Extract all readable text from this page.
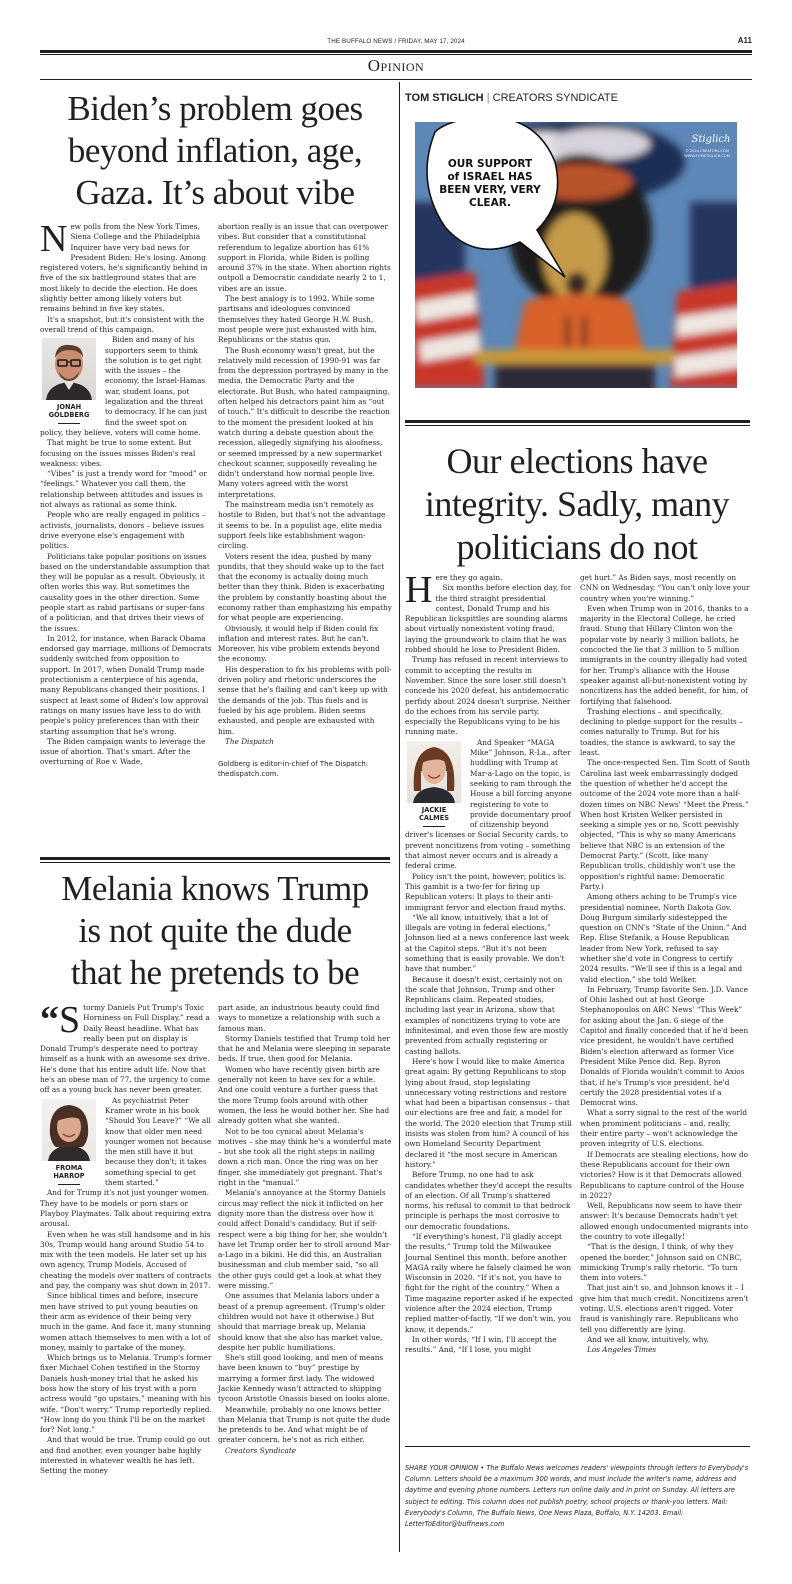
THE BUFFALO NEWS / FRIDAY, MAY 17, 2024	A11
Opinion
Biden’s problem goes
beyond inflation, age,
Gaza. It’s about vibe

New polls from the New York Times, Siena College and the Philadelphia Inquirer have very bad news for President Biden: He's losing. Among registered voters, he's significantly behind in five of the six battleground states that are most likely to decide the election. He does slightly better among likely voters but remains behind in five key states.

It's a snapshot, but it's consistent with the overall trend of this campaign.

JONAH
GOLDBERG

Biden and many of his supporters seem to think the solution is to get right with the issues – the economy, the Israel-Hamas war, student loans, pot legalization and the threat to democracy. If he can just find the sweet spot on policy, they believe, voters will come home.

That might be true to some extent. But focusing on the issues misses Biden's real weakness: vibes.

“Vibes” is just a trendy word for “mood” or “feelings.” Whatever you call them, the relationship between attitudes and issues is not always as rational as some think.

People who are really engaged in politics – activists, journalists, donors – believe issues drive everyone else's engagement with politics.

Politicians take popular positions on issues based on the understandable assumption that they will be popular as a result. Obviously, it often works this way. But sometimes the causality goes in the other direction. Some people start as rabid partisans or super-fans of a politician, and that drives their views of the issues.

In 2012, for instance, when Barack Obama endorsed gay marriage, millions of Democrats suddenly switched from opposition to support. In 2017, when Donald Trump made protectionism a centerpiece of his agenda, many Republicans changed their positions. I suspect at least some of Biden's low approval ratings on many issues have less to do with people's policy preferences than with their starting assumption that he's wrong.

The Biden campaign wants to leverage the issue of abortion. That's smart. After the overturning of Roe v. Wade,

abortion really is an issue that can overpower vibes. But consider that a constitutional referendum to legalize abortion has 61% support in Florida, while Biden is polling around 37% in the state. When abortion rights outpoll a Democratic candidate nearly 2 to 1, vibes are an issue.

The best analogy is to 1992. While some partisans and ideologues convinced themselves they hated George H.W. Bush, most people were just exhausted with him, Republicans or the status quo.

The Bush economy wasn't great, but the relatively mild recession of 1990-91 was far from the depression portrayed by many in the media, the Democratic Party and the electorate. But Bush, who hated campaigning, often helped his detractors paint him as “out of touch.” It's difficult to describe the reaction to the moment the president looked at his watch during a debate question about the recession, allegedly signifying his aloofness, or seemed impressed by a new supermarket checkout scanner, supposedly revealing he didn't understand how normal people live. Many voters agreed with the worst interpretations.

The mainstream media isn't remotely as hostile to Biden, but that's not the advantage it seems to be. In a populist age, elite media support feels like establishment wagon-circling.

Voters resent the idea, pushed by many pundits, that they should wake up to the fact that the economy is actually doing much better than they think. Biden is exacerbating the problem by constantly boasting about the economy rather than emphasizing his empathy for what people are experiencing.

Obviously, it would help if Biden could fix inflation and interest rates. But he can't. Moreover, his vibe problem extends beyond the economy.

His desperation to fix his problems with poll-driven policy and rhetoric underscores the sense that he's flailing and can't keep up with the demands of the job. This fuels and is fueled by his age problem. Biden seems exhausted, and people are exhausted with him.

The Dispatch

Goldberg is editor-in-chief of The Dispatch: thedispatch.com.
Melania knows Trump
is not quite the dude
that he pretends to be

“ S tormy Daniels Put Trump's Toxic Horniness on Full Display,” read a Daily Beast headline. What has really been put on display is Donald Trump's desperate need to portray himself as a hunk with an awesome sex drive. He's done that his entire adult life. Now that he's an obese man of 77, the urgency to come off as a young buck has never been greater.

FROMA
HARROP
As psychiatrist Peter Kramer wrote in his book “Should You Leave?” “We all know that older men need younger women not because the men still have it but because they don't; it takes something special to get them started.”

And for Trump it's not just younger women. They have to be models or porn stars or Playboy Playmates. Talk about requiring extra arousal.

Even when he was still handsome and in his 30s, Trump would hang around Studio 54 to mix with the teen models. He later set up his own agency, Trump Models. Accused of cheating the models over matters of contracts and pay, the company was shut down in 2017.

Since biblical times and before, insecure men have strived to put young beauties on their arm as evidence of their being very much in the game. And face it, many stunning women attach themselves to men with a lot of money, mainly to partake of the money.

Which brings us to Melania. Trump's former fixer Michael Cohen testified in the Stormy Daniels hush-money trial that he asked his boss how the story of his tryst with a porn actress would “go upstairs,” meaning with his wife. “Don't worry,” Trump reportedly replied. “How long do you think I'll be on the market for? Not long.”

And that would be true. Trump could go out and find another, even younger babe highly interested in whatever wealth he has left. Setting the money

part aside, an industrious beauty could find ways to monetize a relationship with such a famous man.

Stormy Daniels testified that Trump told her that he and Melania were sleeping in separate beds. If true, then good for Melania.

Women who have recently given birth are generally not keen to have sex for a while. And one could venture a further guess that the more Trump fools around with other women, the less he would bother her. She had already gotten what she wanted.

Not to be too cynical about Melania's motives – she may think he's a wonderful mate – but she took all the right steps in nailing down a rich man. Once the ring was on her finger, she immediately got pregnant. That's right in the “manual.”

Melania's annoyance at the Stormy Daniels circus may reflect the nick it inflicted on her dignity more than the distress over how it could affect Donald's candidacy. But if self-respect were a big thing for her, she wouldn't have let Trump order her to stroll around Mar-a-Lago in a bikini. He did this, an Australian businessman and club member said, “so all the other guys could get a look at what they were missing.”

One assumes that Melania labors under a beast of a prenup agreement. (Trump's older children would not have it otherwise.) But should that marriage break up, Melania should know that she also has market value, despite her public humiliations.

She's still good looking, and men of means have been known to “buy” prestige by marrying a former first lady. The widowed Jackie Kennedy wasn't attracted to shipping tycoon Aristotle Onassis based on looks alone.

Meanwhile, probably no one knows better than Melania that Trump is not quite the dude he pretends to be. And what might be of greater concern, he's not as rich either.

Creators Syndicate

TOM STIGLICH | CREATORS SYNDICATE
OUR SUPPORT
of ISRAEL HAS
BEEN VERY, VERY
CLEAR.
Stiglich
© 2024 CREATORS.COM
WWW.TOMSTIGLICH.COM
Our elections have
integrity. Sadly, many
politicians do not

Here they go again.

Six months before election day, for the third straight presidential contest, Donald Trump and his Republican lickspittles are sounding alarms about virtually nonexistent voting fraud, laying the groundwork to claim that he was robbed should he lose to President Biden.

Trump has refused in recent interviews to commit to accepting the results in November. Since the sore loser still doesn't concede his 2020 defeat, his antidemocratic perfidy about 2024 doesn't surprise. Neither do the echoes from his servile party, especially the Republicans vying to be his running mate.

JACKIE
CALMES
And Speaker “MAGA Mike” Johnson, R-La., after huddling with Trump at Mar-a-Lago on the topic, is seeking to ram through the House a bill forcing anyone registering to vote to provide documentary proof of citizenship beyond driver's licenses or Social Security cards, to prevent noncitizens from voting – something that almost never occurs and is already a federal crime.

Policy isn't the point, however; politics is. This gambit is a two-fer for firing up Republican voters: It plays to their anti-immigrant fervor and election fraud myths.

“We all know, intuitively, that a lot of illegals are voting in federal elections,” Johnson lied at a news conference last week at the Capitol steps. “But it's not been something that is easily provable. We don't have that number.”

Because it doesn't exist, certainly not on the scale that Johnson, Trump and other Republicans claim. Repeated studies, including last year in Arizona, show that examples of noncitizens trying to vote are infinitesimal, and even those few are mostly prevented from actually registering or casting ballots.

Here's how I would like to make America great again: By getting Republicans to stop lying about fraud, stop legislating unnecessary voting restrictions and restore what had been a bipartisan consensus – that our elections are free and fair, a model for the world. The 2020 election that Trump still insists was stolen from him? A council of his own Homeland Security Department declared it “the most secure in American history.”

Before Trump, no one had to ask candidates whether they'd accept the results of an election. Of all Trump's shattered norms, his refusal to commit to that bedrock principle is perhaps the most corrosive to our democratic foundations.

“If everything's honest, I'll gladly accept the results,” Trump told the Milwaukee Journal Sentinel this month, before another MAGA rally where he falsely claimed he won Wisconsin in 2020. “If it's not, you have to fight for the right of the country.” When a Time magazine reporter asked if he expected violence after the 2024 election, Trump replied matter-of-factly, “If we don't win, you know, it depends.”

In other words, “If I win, I'll accept the results.” And, “If I lose, you might

get hurt.” As Biden says, most recently on CNN on Wednesday, “You can't only love your country when you're winning.”

Even when Trump won in 2016, thanks to a majority in the Electoral College, he cried fraud. Stung that Hillary Clinton won the popular vote by nearly 3 million ballots, he concocted the lie that 3 million to 5 million immigrants in the country illegally had voted for her. Trump's alliance with the House speaker against all-but-nonexistent voting by noncitizens has the added benefit, for him, of fortifying that falsehood.

Trashing elections – and specifically, declining to pledge support for the results – comes naturally to Trump. But for his toadies, the stance is awkward, to say the least.

The once-respected Sen. Tim Scott of South Carolina last week embarrassingly dodged the question of whether he'd accept the outcome of the 2024 vote more than a half-dozen times on NBC News' “Meet the Press.” When host Kristen Welker persisted in seeking a simple yes or no, Scott peevishly objected, “This is why so many Americans believe that NBC is an extension of the Democrat Party.” (Scott, like many Republican trolls, childishly won't use the opposition's rightful name: Democratic Party.)

Among others aching to be Trump's vice presidential nominee, North Dakota Gov. Doug Burgum similarly sidestepped the question on CNN's “State of the Union.” And Rep. Elise Stefanik, a House Republican leader from New York, refused to say whether she'd vote in Congress to certify 2024 results. “We'll see if this is a legal and valid election,” she told Welker.

In February, Trump favorite Sen. J.D. Vance of Ohio lashed out at host George Stephanopoulos on ABC News' “This Week” for asking about the Jan. 6 siege of the Capitol and finally conceded that if he'd been vice president, he wouldn't have certified Biden's election afterward as former Vice President Mike Pence did. Rep. Byron Donalds of Florida wouldn't commit to Axios that, if he's Trump's vice president, he'd certify the 2028 presidential votes if a Democrat wins.

What a sorry signal to the rest of the world when prominent politicians – and, really, their entire party – won't acknowledge the proven integrity of U.S. elections.

If Democrats are stealing elections, how do these Republicans account for their own victories? How is it that Democrats allowed Republicans to capture control of the House in 2022?

Well, Republicans now seem to have their answer: It's because Democrats hadn't yet allowed enough undocumented migrants into the country to vote illegally!

“That is the design, I think, of why they opened the border,” Johnson said on CNBC, mimicking Trump's rally rhetoric. “To turn them into voters.”

That just ain't so, and Johnson knows it – I give him that much credit. Noncitizens aren't voting. U.S. elections aren't rigged. Voter fraud is vanishingly rare. Republicans who tell you differently are lying.

And we all know, intuitively, why.

Los Angeles Times

SHARE YOUR OPINION • The Buffalo News welcomes readers' viewpoints through letters to Everybody's Column. Letters should be a maximum 300 words, and must include the writer's name, address and daytime and evening phone numbers. Letters run online daily and in print on Sunday. All letters are subject to editing. This column does not publish poetry, school projects or thank-you letters. Mail: Everybody's Column, The Buffalo News, One News Plaza, Buffalo, N.Y. 14203. Email: LetterToEditor@buffnews.com
